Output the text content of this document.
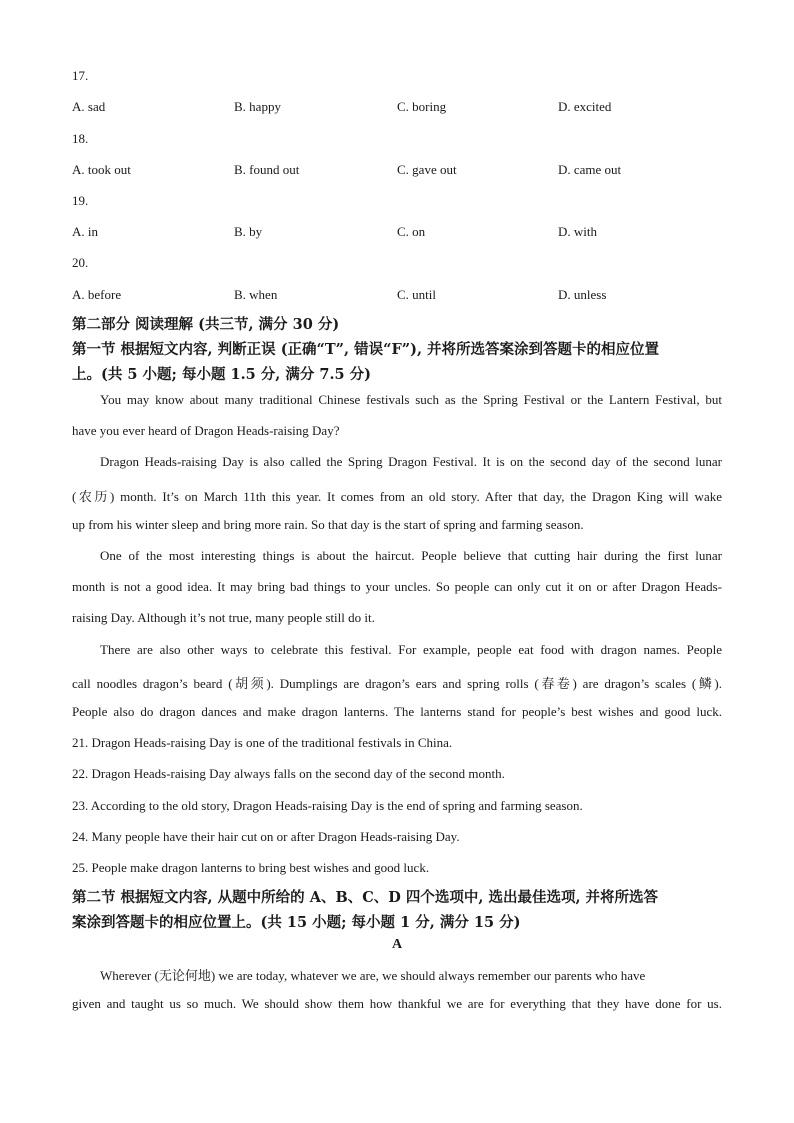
17.
A. sad	B. happy	C. boring	D. excited
18.
A. took out	B. found out	C. gave out	D. came out
19.
A. in	B. by	C. on	D. with
20.
A. before	B. when	C. until	D. unless
第二部分 阅读理解 (共三节, 满分 30 分)
第一节 根据短文内容, 判断正误 (正确“T”, 错误“F”), 并将所选答案涂到答题卡的相应位置
上。(共 5 小题; 每小题 1.5 分, 满分 7.5 分)
You may know about many traditional Chinese festivals such as the Spring Festival or the Lantern Festival, but
have you ever heard of Dragon Heads-raising Day?
Dragon Heads-raising Day is also called the Spring Dragon Festival. It is on the second day of the second lunar
(农历) month. It’s on March 11th this year. It comes from an old story. After that day, the Dragon King will wake
up from his winter sleep and bring more rain. So that day is the start of spring and farming season.
One of the most interesting things is about the haircut. People believe that cutting hair during the first lunar
month is not a good idea. It may bring bad things to your uncles. So people can only cut it on or after Dragon Heads-
raising Day. Although it’s not true, many people still do it.
There are also other ways to celebrate this festival. For example, people eat food with dragon names. People
call noodles dragon’s beard (胡须). Dumplings are dragon’s ears and spring rolls (春卷) are dragon’s scales (鳞).
People also do dragon dances and make dragon lanterns. The lanterns stand for people’s best wishes and good luck.
21. Dragon Heads-raising Day is one of the traditional festivals in China.
22. Dragon Heads-raising Day always falls on the second day of the second month.
23. According to the old story, Dragon Heads-raising Day is the end of spring and farming season.
24. Many people have their hair cut on or after Dragon Heads-raising Day.
25. People make dragon lanterns to bring best wishes and good luck.
第二节 根据短文内容, 从题中所给的 A、B、C、D 四个选项中, 选出最佳选项, 并将所选答
案涂到答题卡的相应位置上。(共 15 小题; 每小题 1 分, 满分 15 分)
A
Wherever (无论何地) we are today, whatever we are, we should always remember our parents who have
given and taught us so much. We should show them how thankful we are for everything that they have done for us.
